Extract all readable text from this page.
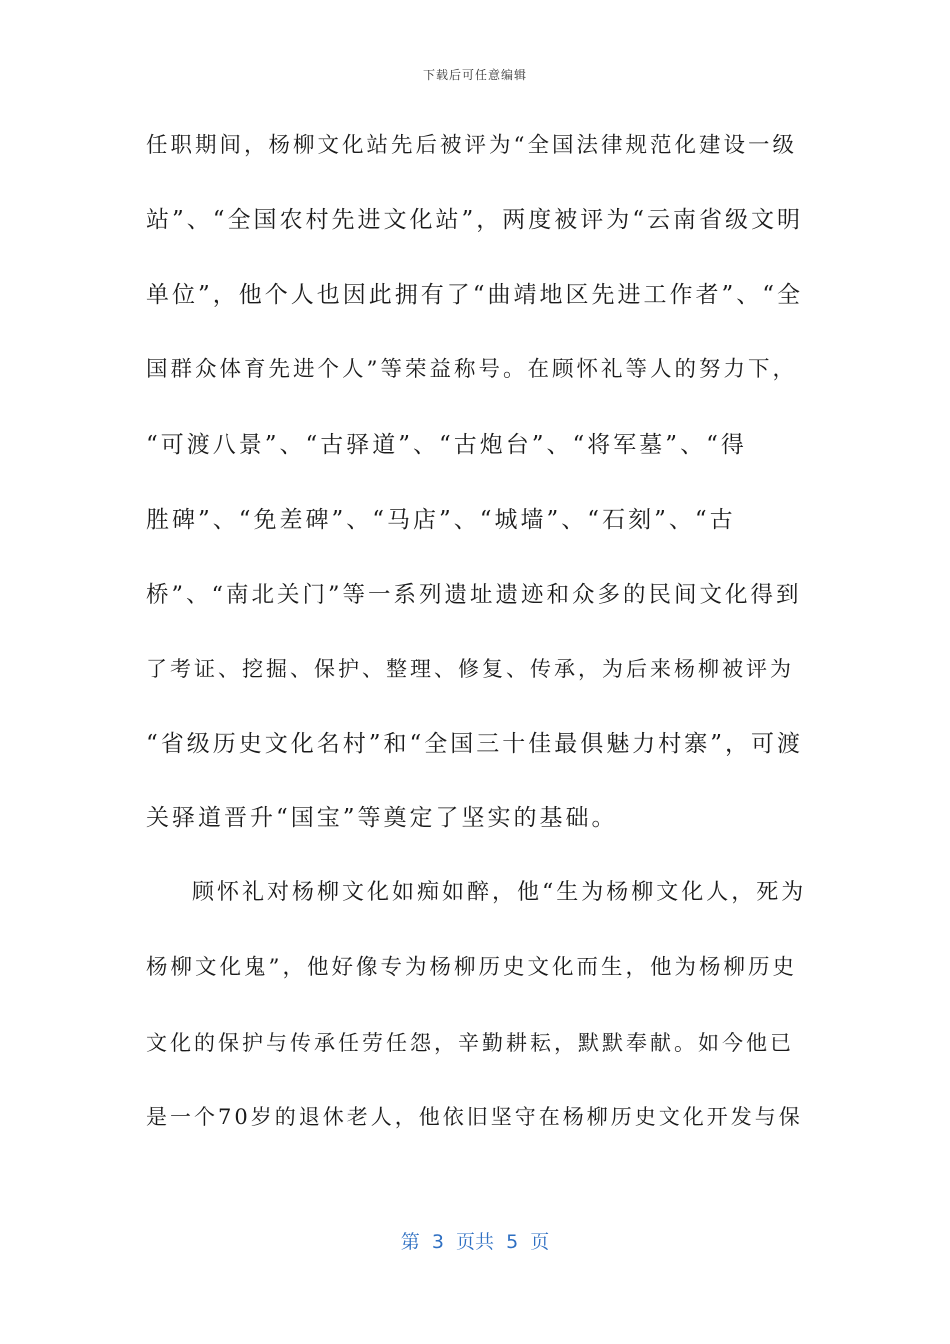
下载后可任意编辑
任职期间，杨柳文化站先后被评为“全国法律规范化建设一级
站”、“全国农村先进文化站”，两度被评为“云南省级文明
单位”，他个人也因此拥有了“曲靖地区先进工作者”、“全
国群众体育先进个人”等荣益称号。在顾怀礼等人的努力下，
“可渡八景”、“古驿道”、“古炮台”、“将军墓”、“得
胜碑”、“免差碑”、“马店”、“城墙”、“石刻”、“古
桥”、“南北关门”等一系列遗址遗迹和众多的民间文化得到
了考证、挖掘、保护、整理、修复、传承，为后来杨柳被评为
“省级历史文化名村”和“全国三十佳最俱魅力村寨”，可渡
关驿道晋升“国宝”等奠定了坚实的基础。
顾怀礼对杨柳文化如痴如醉，他“生为杨柳文化人，死为
杨柳文化鬼”，他好像专为杨柳历史文化而生，他为杨柳历史
文化的保护与传承任劳任怨，辛勤耕耘，默默奉献。如今他已
是一个70岁的退休老人，他依旧坚守在杨柳历史文化开发与保
第  3  页共  5  页
